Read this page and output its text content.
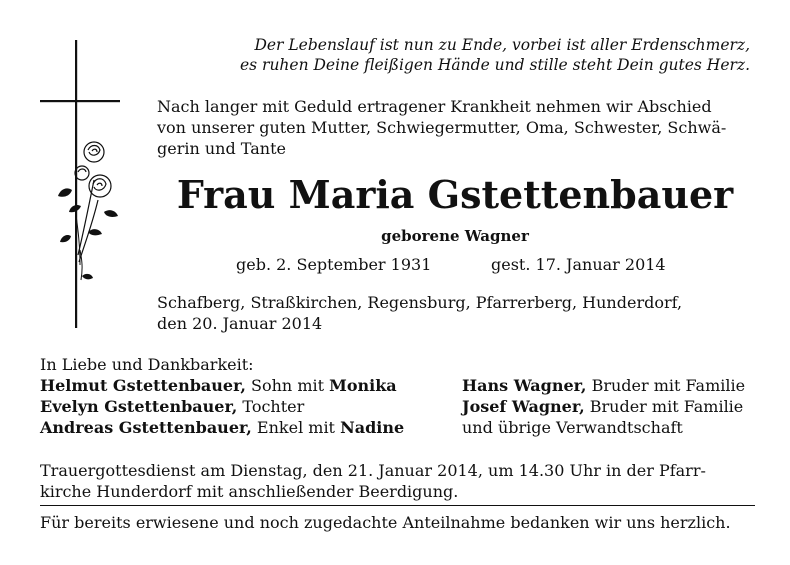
Der Lebenslauf ist nun zu Ende, vorbei ist aller Erdenschmerz,
es ruhen Deine fleißigen Hände und stille steht Dein gutes Herz.
Nach langer mit Geduld ertragener Krankheit nehmen wir Abschied
von unserer guten Mutter, Schwiegermutter, Oma, Schwester, Schwä-
gerin und Tante
Frau Maria Gstettenbauer
geborene Wagner
geb. 2. September 1931	gest. 17. Januar 2014
Schafberg, Straßkirchen, Regensburg, Pfarrerberg, Hunderdorf,
den 20. Januar 2014
In Liebe und Dankbarkeit:
Helmut Gstettenbauer, Sohn mit Monika
Evelyn Gstettenbauer, Tochter
Andreas Gstettenbauer, Enkel mit Nadine
Hans Wagner, Bruder mit Familie
Josef Wagner, Bruder mit Familie
und übrige Verwandtschaft
Trauergottesdienst am Dienstag, den 21. Januar 2014, um 14.30 Uhr in der Pfarr-
kirche Hunderdorf mit anschließender Beerdigung.
Für bereits erwiesene und noch zugedachte Anteilnahme bedanken wir uns herzlich.
